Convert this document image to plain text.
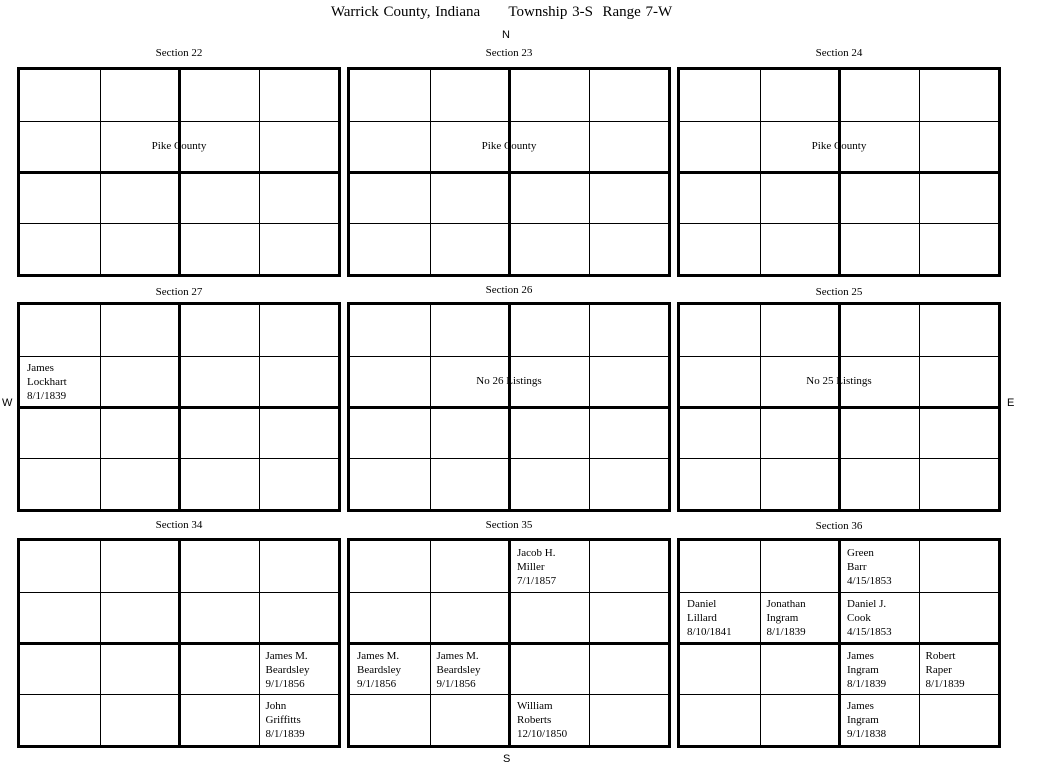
Warrick County, Indiana      Township 3-S  Range 7-W
N
S
W	E
Section 22
Pike County
Section 23
Pike County
Section 24
Pike County
Section 27
James
Lockhart
8/1/1839
Section 26
No 26 Listings
Section 25
No 25 Listings
Section 34
James M.
Beardsley
9/1/1856
John
Griffitts
8/1/1839
Section 35
Jacob H.
Miller
7/1/1857
James M.
Beardsley
9/1/1856
James M.
Beardsley
9/1/1856
William
Roberts
12/10/1850
Section 36
Green
Barr
4/15/1853
Daniel
Lillard
8/10/1841
Jonathan
Ingram
8/1/1839
Daniel J.
Cook
4/15/1853
James
Ingram
8/1/1839
Robert
Raper
8/1/1839
James
Ingram
9/1/1838
